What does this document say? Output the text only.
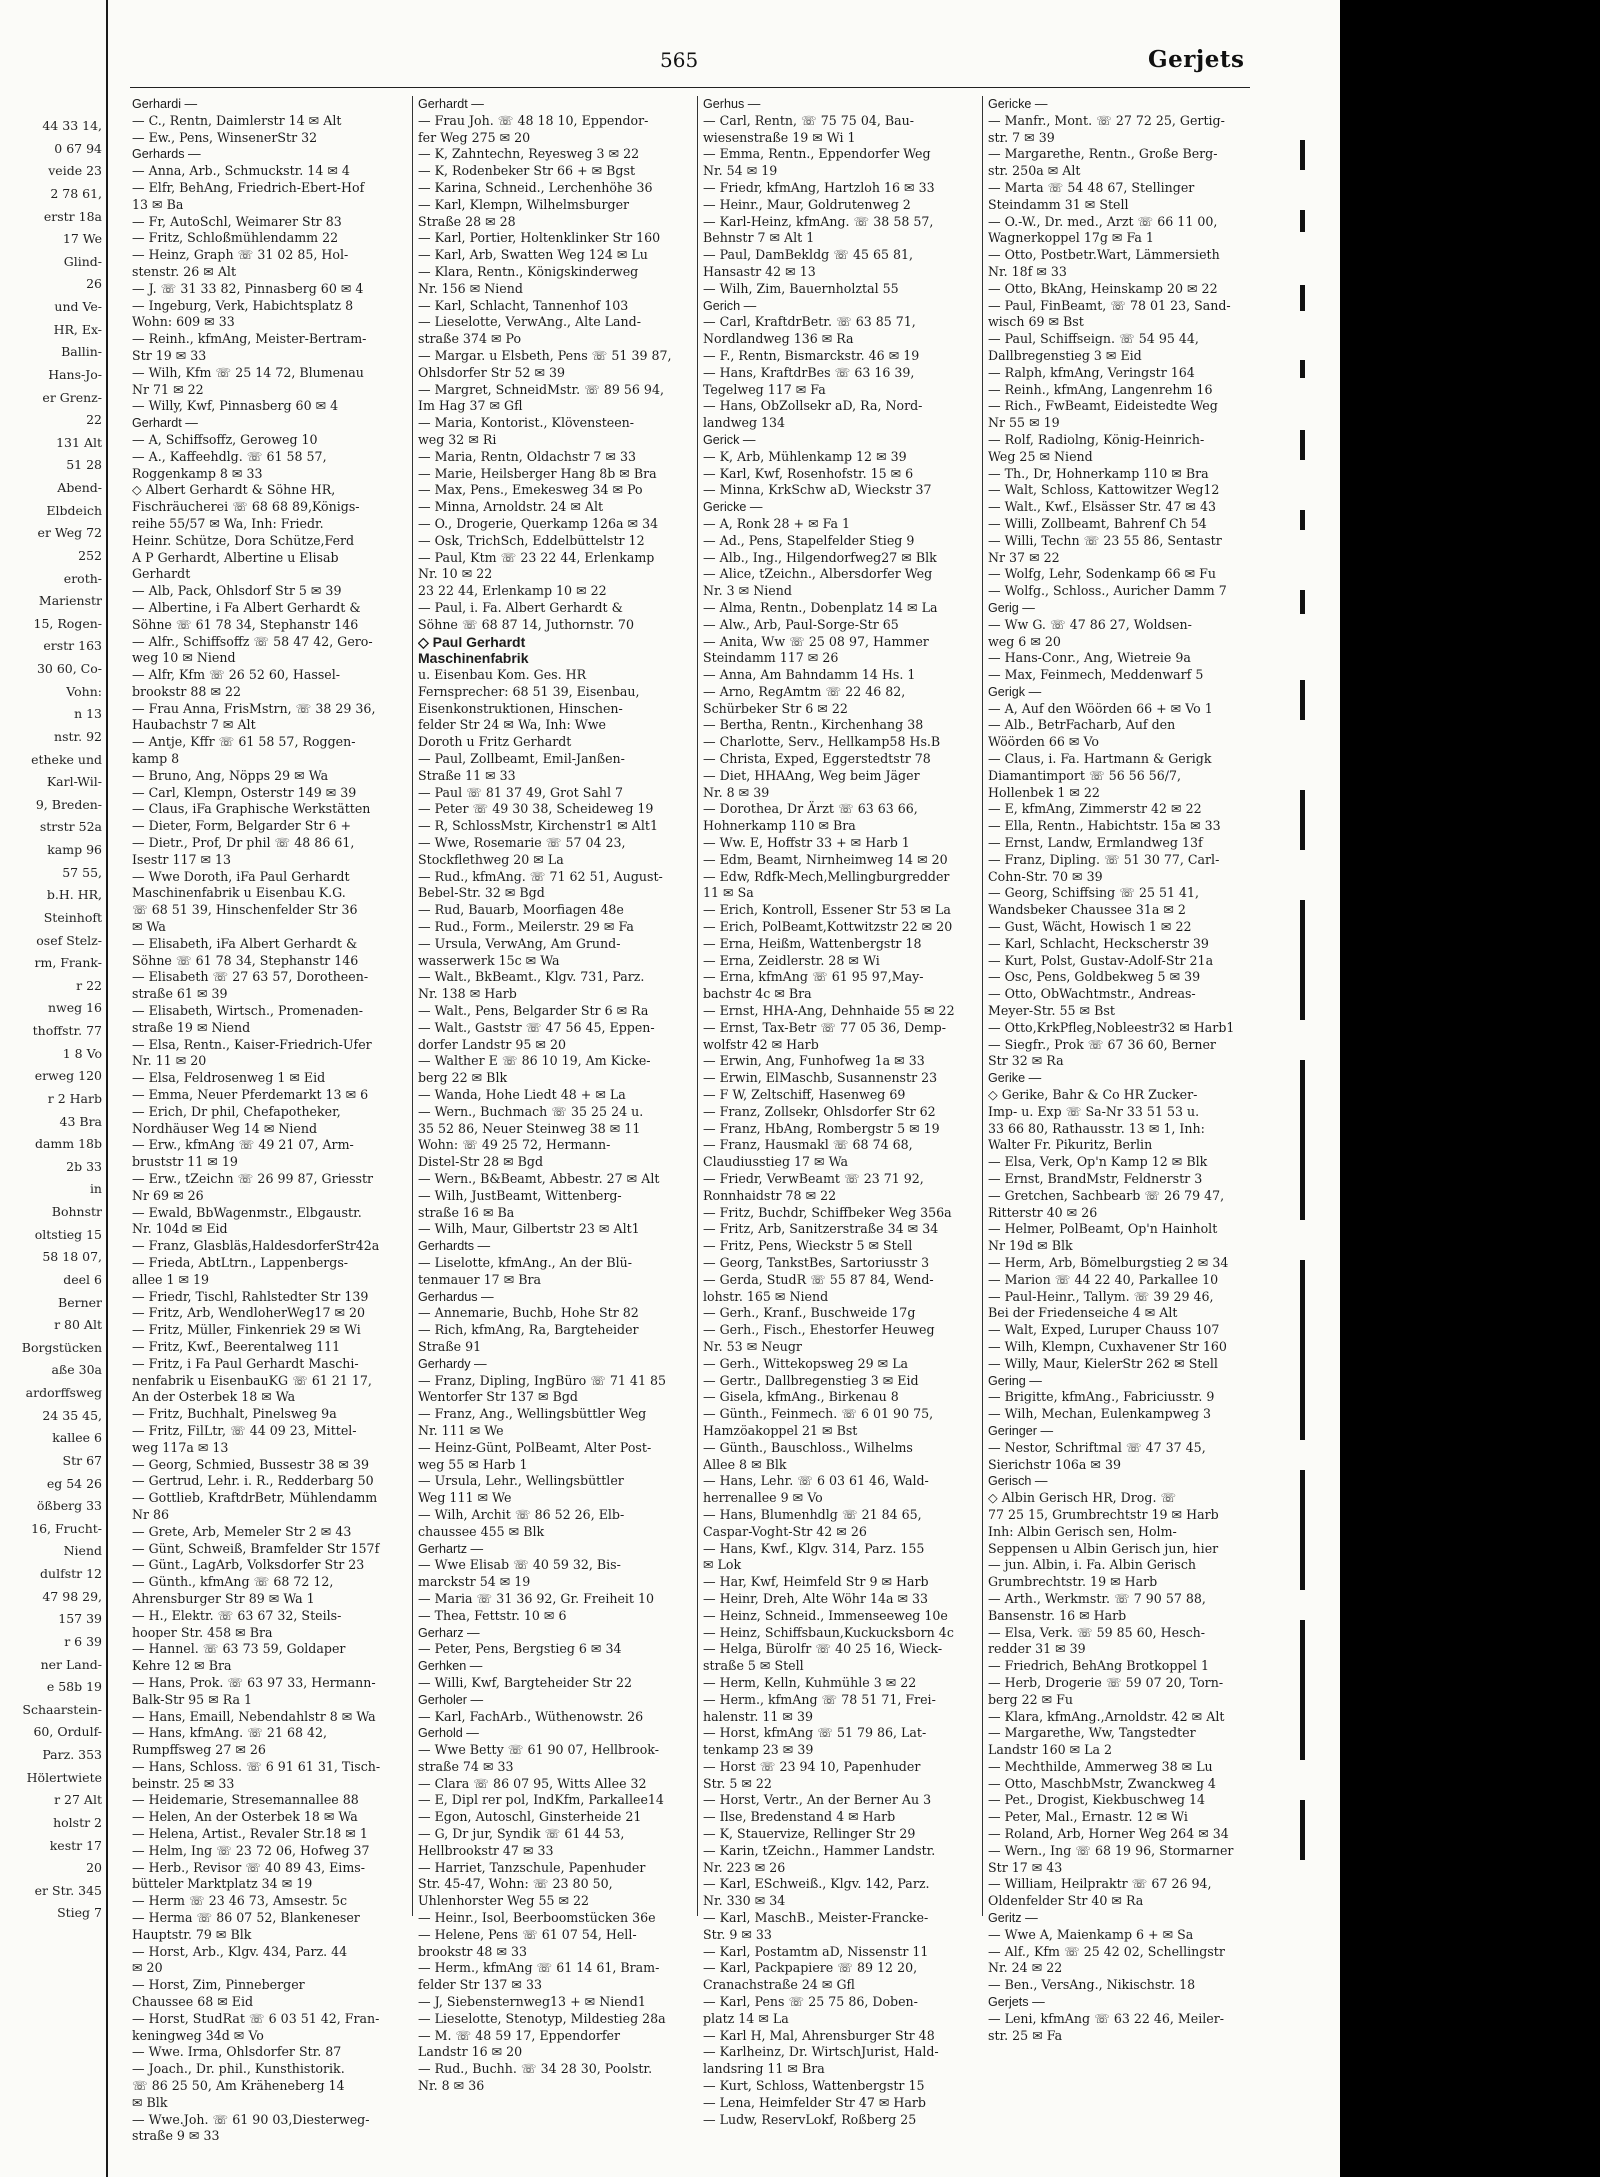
44 33 14,
0 67 94
veide 23
2 78 61,
erstr 18a
17 We
Glind-
26
und Ve-
HR, Ex-
Ballin-
Hans-Jo-
er Grenz-
22
131 Alt
51 28
Abend-
Elbdeich
er Weg 72
252
eroth-
Marienstr
15, Rogen-
erstr 163
30 60, Co-
Vohn:
n 13
nstr. 92
etheke und
Karl-Wil-
9, Breden-
strstr 52a
kamp 96
57 55,
b.H. HR,
Steinhoft
osef Stelz-
rm, Frank-
r 22
nweg 16
thoffstr. 77
1 8 Vo
erweg 120
r 2 Harb
43 Bra
damm 18b
2b 33
in
Bohnstr
oltstieg 15
58 18 07,
deel 6
Berner
r 80 Alt
Borgstücken
aße 30a
ardorffsweg
24 35 45,
kallee 6
Str 67
eg 54 26
ößberg 33
16, Frucht-
Niend
dulfstr 12
47 98 29,
157 39
r 6 39
ner Land-
e 58b 19
Schaarstein-
60, Ordulf-
Parz. 353
Hölertwiete
r 27 Alt
holstr 2
kestr 17
20
er Str. 345
Stieg 7
565	Gerjets
Gerhardi —
— C., Rentn, Daimlerstr 14 ✉ Alt
— Ew., Pens, WinsenerStr 32
Gerhards —
— Anna, Arb., Schmuckstr. 14 ✉ 4
— Elfr, BehAng, Friedrich-Ebert-Hof
13 ✉ Ba
— Fr, AutoSchl, Weimarer Str 83
— Fritz, Schloßmühlendamm 22
— Heinz, Graph ☏ 31 02 85, Hol-
stenstr. 26 ✉ Alt
— J. ☏ 31 33 82, Pinnasberg 60 ✉ 4
— Ingeburg, Verk, Habichtsplatz 8
Wohn: 609 ✉ 33
— Reinh., kfmAng, Meister-Bertram-
Str 19 ✉ 33
— Wilh, Kfm ☏ 25 14 72, Blumenau
Nr 71 ✉ 22
— Willy, Kwf, Pinnasberg 60 ✉ 4
Gerhardt —
— A, Schiffsoffz, Geroweg 10
— A., Kaffeehdlg. ☏ 61 58 57,
Roggenkamp 8 ✉ 33
◇ Albert Gerhardt & Söhne HR,
Fischräucherei ☏ 68 68 89,Königs-
reihe 55/57 ✉ Wa, Inh: Friedr.
Heinr. Schütze, Dora Schütze,Ferd
A P Gerhardt, Albertine u Elisab
Gerhardt
— Alb, Pack, Ohlsdorf Str 5 ✉ 39
— Albertine, i Fa Albert Gerhardt &
Söhne ☏ 61 78 34, Stephanstr 146
— Alfr., Schiffsoffz ☏ 58 47 42, Gero-
weg 10 ✉ Niend
— Alfr, Kfm ☏ 26 52 60, Hassel-
brookstr 88 ✉ 22
— Frau Anna, FrisMstrn, ☏ 38 29 36,
Haubachstr 7 ✉ Alt
— Antje, Kffr ☏ 61 58 57, Roggen-
kamp 8
— Bruno, Ang, Nöpps 29 ✉ Wa
— Carl, Klempn, Osterstr 149 ✉ 39
— Claus, iFa Graphische Werkstätten
— Dieter, Form, Belgarder Str 6 +
— Dietr., Prof, Dr phil ☏ 48 86 61,
Isestr 117 ✉ 13
— Wwe Doroth, iFa Paul Gerhardt
Maschinenfabrik u Eisenbau K.G.
☏ 68 51 39, Hinschenfelder Str 36
✉ Wa
— Elisabeth, iFa Albert Gerhardt &
Söhne ☏ 61 78 34, Stephanstr 146
— Elisabeth ☏ 27 63 57, Dorotheen-
straße 61 ✉ 39
— Elisabeth, Wirtsch., Promenaden-
straße 19 ✉ Niend
— Elsa, Rentn., Kaiser-Friedrich-Ufer
Nr. 11 ✉ 20
— Elsa, Feldrosenweg 1 ✉ Eid
— Emma, Neuer Pferdemarkt 13 ✉ 6
— Erich, Dr phil, Chefapotheker,
Nordhäuser Weg 14 ✉ Niend
— Erw., kfmAng ☏ 49 21 07, Arm-
bruststr 11 ✉ 19
— Erw., tZeichn ☏ 26 99 87, Griesstr
Nr 69 ✉ 26
— Ewald, BbWagenmstr., Elbgaustr.
Nr. 104d ✉ Eid
— Franz, Glasbläs,HaldesdorferStr42a
— Frieda, AbtLtrn., Lappenbergs-
allee 1 ✉ 19
— Friedr, Tischl, Rahlstedter Str 139
— Fritz, Arb, WendloherWeg17 ✉ 20
— Fritz, Müller, Finkenriek 29 ✉ Wi
— Fritz, Kwf., Beerentalweg 111
— Fritz, i Fa Paul Gerhardt Maschi-
nenfabrik u EisenbauKG ☏ 61 21 17,
An der Osterbek 18 ✉ Wa
— Fritz, Buchhalt, Pinelsweg 9a
— Fritz, FilLtr, ☏ 44 09 23, Mittel-
weg 117a ✉ 13
— Georg, Schmied, Bussestr 38 ✉ 39
— Gertrud, Lehr. i. R., Redderbarg 50
— Gottlieb, KraftdrBetr, Mühlendamm
Nr 86
— Grete, Arb, Memeler Str 2 ✉ 43
— Günt, Schweiß, Bramfelder Str 157f
— Günt., LagArb, Volksdorfer Str 23
— Günth., kfmAng ☏ 68 72 12,
Ahrensburger Str 89 ✉ Wa 1
— H., Elektr. ☏ 63 67 32, Steils-
hooper Str. 458 ✉ Bra
— Hannel. ☏ 63 73 59, Goldaper
Kehre 12 ✉ Bra
— Hans, Prok. ☏ 63 97 33, Hermann-
Balk-Str 95 ✉ Ra 1
— Hans, Emaill, Nebendahlstr 8 ✉ Wa
— Hans, kfmAng. ☏ 21 68 42,
Rumpffsweg 27 ✉ 26
— Hans, Schloss. ☏ 6 91 61 31, Tisch-
beinstr. 25 ✉ 33
— Heidemarie, Stresemannallee 88
— Helen, An der Osterbek 18 ✉ Wa
— Helena, Artist., Revaler Str.18 ✉ 1
— Helm, Ing ☏ 23 72 06, Hofweg 37
— Herb., Revisor ☏ 40 89 43, Eims-
bütteler Marktplatz 34 ✉ 19
— Herm ☏ 23 46 73, Amsestr. 5c
— Herma ☏ 86 07 52, Blankeneser
Hauptstr. 79 ✉ Blk
— Horst, Arb., Klgv. 434, Parz. 44
✉ 20
— Horst, Zim, Pinneberger
Chaussee 68 ✉ Eid
— Horst, StudRat ☏ 6 03 51 42, Fran-
keningweg 34d ✉ Vo
— Wwe. Irma, Ohlsdorfer Str. 87
— Joach., Dr. phil., Kunsthistorik.
☏ 86 25 50, Am Kräheneberg 14
✉ Blk
— Wwe.Joh. ☏ 61 90 03,Diesterweg-
straße 9 ✉ 33
Gerhardt —
— Frau Joh. ☏ 48 18 10, Eppendor-
fer Weg 275 ✉ 20
— K, Zahntechn, Reyesweg 3 ✉ 22
— K, Rodenbeker Str 66 + ✉ Bgst
— Karina, Schneid., Lerchenhöhe 36
— Karl, Klempn, Wilhelmsburger
Straße 28 ✉ 28
— Karl, Portier, Holtenklinker Str 160
— Karl, Arb, Swatten Weg 124 ✉ Lu
— Klara, Rentn., Königskinderweg
Nr. 156 ✉ Niend
— Karl, Schlacht, Tannenhof 103
— Lieselotte, VerwAng., Alte Land-
straße 374 ✉ Po
— Margar. u Elsbeth, Pens ☏ 51 39 87,
Ohlsdorfer Str 52 ✉ 39
— Margret, SchneidMstr. ☏ 89 56 94,
Im Hag 37 ✉ Gfl
— Maria, Kontorist., Klövensteen-
weg 32 ✉ Ri
— Maria, Rentn, Oldachstr 7 ✉ 33
— Marie, Heilsberger Hang 8b ✉ Bra
— Max, Pens., Emekesweg 34 ✉ Po
— Minna, Arnoldstr. 24 ✉ Alt
— O., Drogerie, Querkamp 126a ✉ 34
— Osk, TrichSch, Eddelbüttelstr 12
— Paul, Ktm ☏ 23 22 44, Erlenkamp
Nr. 10 ✉ 22
23 22 44, Erlenkamp 10 ✉ 22
— Paul, i. Fa. Albert Gerhardt &
Söhne ☏ 68 87 14, Juthornstr. 70
◇ Paul Gerhardt
Maschinenfabrik
u. Eisenbau Kom. Ges. HR
Fernsprecher: 68 51 39, Eisenbau,
Eisenkonstruktionen, Hinschen-
felder Str 24 ✉ Wa, Inh: Wwe
Doroth u Fritz Gerhardt
— Paul, Zollbeamt, Emil-Janßen-
Straße 11 ✉ 33
— Paul ☏ 81 37 49, Grot Sahl 7
— Peter ☏ 49 30 38, Scheideweg 19
— R, SchlossMstr, Kirchenstr1 ✉ Alt1
— Wwe, Rosemarie ☏ 57 04 23,
Stockflethweg 20 ✉ La
— Rud., kfmAng. ☏ 71 62 51, August-
Bebel-Str. 32 ✉ Bgd
— Rud, Bauarb, Moorfiagen 48e
— Rud., Form., Meilerstr. 29 ✉ Fa
— Ursula, VerwAng, Am Grund-
wasserwerk 15c ✉ Wa
— Walt., BkBeamt., Klgv. 731, Parz.
Nr. 138 ✉ Harb
— Walt., Pens, Belgarder Str 6 ✉ Ra
— Walt., Gaststr ☏ 47 56 45, Eppen-
dorfer Landstr 95 ✉ 20
— Walther E ☏ 86 10 19, Am Kicke-
berg 22 ✉ Blk
— Wanda, Hohe Liedt 48 + ✉ La
— Wern., Buchmach ☏ 35 25 24 u.
35 52 86, Neuer Steinweg 38 ✉ 11
Wohn: ☏ 49 25 72, Hermann-
Distel-Str 28 ✉ Bgd
— Wern., B&Beamt, Abbestr. 27 ✉ Alt
— Wilh, JustBeamt, Wittenberg-
straße 16 ✉ Ba
— Wilh, Maur, Gilbertstr 23 ✉ Alt1
Gerhardts —
— Liselotte, kfmAng., An der Blü-
tenmauer 17 ✉ Bra
Gerhardus —
— Annemarie, Buchb, Hohe Str 82
— Rich, kfmAng, Ra, Bargteheider
Straße 91
Gerhardy —
— Franz, Dipling, IngBüro ☏ 71 41 85
Wentorfer Str 137 ✉ Bgd
— Franz, Ang., Wellingsbüttler Weg
Nr. 111 ✉ We
— Heinz-Günt, PolBeamt, Alter Post-
weg 55 ✉ Harb 1
— Ursula, Lehr., Wellingsbüttler
Weg 111 ✉ We
— Wilh, Archit ☏ 86 52 26, Elb-
chaussee 455 ✉ Blk
Gerhartz —
— Wwe Elisab ☏ 40 59 32, Bis-
marckstr 54 ✉ 19
— Maria ☏ 31 36 92, Gr. Freiheit 10
— Thea, Fettstr. 10 ✉ 6
Gerharz —
— Peter, Pens, Bergstieg 6 ✉ 34
Gerhken —
— Willi, Kwf, Bargteheider Str 22
Gerholer —
— Karl, FachArb., Wüthenowstr. 26
Gerhold —
— Wwe Betty ☏ 61 90 07, Hellbrook-
straße 74 ✉ 33
— Clara ☏ 86 07 95, Witts Allee 32
— E, Dipl rer pol, IndKfm, Parkallee14
— Egon, Autoschl, Ginsterheide 21
— G, Dr jur, Syndik ☏ 61 44 53,
Hellbrookstr 47 ✉ 33
— Harriet, Tanzschule, Papenhuder
Str. 45-47, Wohn: ☏ 23 80 50,
Uhlenhorster Weg 55 ✉ 22
— Heinr., Isol, Beerboomstücken 36e
— Helene, Pens ☏ 61 07 54, Hell-
brookstr 48 ✉ 33
— Herm., kfmAng ☏ 61 14 61, Bram-
felder Str 137 ✉ 33
— J, Siebensternweg13 + ✉ Niend1
— Lieselotte, Stenotyp, Mildestieg 28a
— M. ☏ 48 59 17, Eppendorfer
Landstr 16 ✉ 20
— Rud., Buchh. ☏ 34 28 30, Poolstr.
Nr. 8 ✉ 36
Gerhus —
— Carl, Rentn, ☏ 75 75 04, Bau-
wiesenstraße 19 ✉ Wi 1
— Emma, Rentn., Eppendorfer Weg
Nr. 54 ✉ 19
— Friedr, kfmAng, Hartzloh 16 ✉ 33
— Heinr., Maur, Goldrutenweg 2
— Karl-Heinz, kfmAng. ☏ 38 58 57,
Behnstr 7 ✉ Alt 1
— Paul, DamBekldg ☏ 45 65 81,
Hansastr 42 ✉ 13
— Wilh, Zim, Bauernholztal 55
Gerich —
— Carl, KraftdrBetr. ☏ 63 85 71,
Nordlandweg 136 ✉ Ra
— F., Rentn, Bismarckstr. 46 ✉ 19
— Hans, KraftdrBes ☏ 63 16 39,
Tegelweg 117 ✉ Fa
— Hans, ObZollsekr aD, Ra, Nord-
landweg 134
Gerick —
— K, Arb, Mühlenkamp 12 ✉ 39
— Karl, Kwf, Rosenhofstr. 15 ✉ 6
— Minna, KrkSchw aD, Wieckstr 37
Gericke —
— A, Ronk 28 + ✉ Fa 1
— Ad., Pens, Stapelfelder Stieg 9
— Alb., Ing., Hilgendorfweg27 ✉ Blk
— Alice, tZeichn., Albersdorfer Weg
Nr. 3 ✉ Niend
— Alma, Rentn., Dobenplatz 14 ✉ La
— Alw., Arb, Paul-Sorge-Str 65
— Anita, Ww ☏ 25 08 97, Hammer
Steindamm 117 ✉ 26
— Anna, Am Bahndamm 14 Hs. 1
— Arno, RegAmtm ☏ 22 46 82,
Schürbeker Str 6 ✉ 22
— Bertha, Rentn., Kirchenhang 38
— Charlotte, Serv., Hellkamp58 Hs.B
— Christa, Exped, Eggerstedtstr 78
— Diet, HHAAng, Weg beim Jäger
Nr. 8 ✉ 39
— Dorothea, Dr Ärzt ☏ 63 63 66,
Hohnerkamp 110 ✉ Bra
— Ww. E, Hoffstr 33 + ✉ Harb 1
— Edm, Beamt, Nirnheimweg 14 ✉ 20
— Edw, Rdfk-Mech,Mellingburgredder
11 ✉ Sa
— Erich, Kontroll, Essener Str 53 ✉ La
— Erich, PolBeamt,Kottwitzstr 22 ✉ 20
— Erna, Heißm, Wattenbergstr 18
— Erna, Zeidlerstr. 28 ✉ Wi
— Erna, kfmAng ☏ 61 95 97,May-
bachstr 4c ✉ Bra
— Ernst, HHA-Ang, Dehnhaide 55 ✉ 22
— Ernst, Tax-Betr ☏ 77 05 36, Demp-
wolfstr 42 ✉ Harb
— Erwin, Ang, Funhofweg 1a ✉ 33
— Erwin, ElMaschb, Susannenstr 23
— F W, Zeltschiff, Hasenweg 69
— Franz, Zollsekr, Ohlsdorfer Str 62
— Franz, HbAng, Rombergstr 5 ✉ 19
— Franz, Hausmakl ☏ 68 74 68,
Claudiusstieg 17 ✉ Wa
— Friedr, VerwBeamt ☏ 23 71 92,
Ronnhaidstr 78 ✉ 22
— Fritz, Buchdr, Schiffbeker Weg 356a
— Fritz, Arb, Sanitzerstraße 34 ✉ 34
— Fritz, Pens, Wieckstr 5 ✉ Stell
— Georg, TankstBes, Sartoriusstr 3
— Gerda, StudR ☏ 55 87 84, Wend-
lohstr. 165 ✉ Niend
— Gerh., Kranf., Buschweide 17g
— Gerh., Fisch., Ehestorfer Heuweg
Nr. 53 ✉ Neugr
— Gerh., Wittekopsweg 29 ✉ La
— Gertr., Dallbregenstieg 3 ✉ Eid
— Gisela, kfmAng., Birkenau 8
— Günth., Feinmech. ☏ 6 01 90 75,
Hamzöakoppel 21 ✉ Bst
— Günth., Bauschloss., Wilhelms
Allee 8 ✉ Blk
— Hans, Lehr. ☏ 6 03 61 46, Wald-
herrenallee 9 ✉ Vo
— Hans, Blumenhdlg ☏ 21 84 65,
Caspar-Voght-Str 42 ✉ 26
— Hans, Kwf., Klgv. 314, Parz. 155
✉ Lok
— Har, Kwf, Heimfeld Str 9 ✉ Harb
— Heinr, Dreh, Alte Wöhr 14a ✉ 33
— Heinz, Schneid., Immenseeweg 10e
— Heinz, Schiffsbaun,Kuckucksborn 4c
— Helga, Bürolfr ☏ 40 25 16, Wieck-
straße 5 ✉ Stell
— Herm, Kelln, Kuhmühle 3 ✉ 22
— Herm., kfmAng ☏ 78 51 71, Frei-
halenstr. 11 ✉ 39
— Horst, kfmAng ☏ 51 79 86, Lat-
tenkamp 23 ✉ 39
— Horst ☏ 23 94 10, Papenhuder
Str. 5 ✉ 22
— Horst, Vertr., An der Berner Au 3
— Ilse, Bredenstand 4 ✉ Harb
— K, Stauervize, Rellinger Str 29
— Karin, tZeichn., Hammer Landstr.
Nr. 223 ✉ 26
— Karl, ESchweiß., Klgv. 142, Parz.
Nr. 330 ✉ 34
— Karl, MaschB., Meister-Francke-
Str. 9 ✉ 33
— Karl, Postamtm aD, Nissenstr 11
— Karl, Packpapiere ☏ 89 12 20,
Cranachstraße 24 ✉ Gfl
— Karl, Pens ☏ 25 75 86, Doben-
platz 14 ✉ La
— Karl H, Mal, Ahrensburger Str 48
— Karlheinz, Dr. WirtschJurist, Hald-
landsring 11 ✉ Bra
— Kurt, Schloss, Wattenbergstr 15
— Lena, Heimfelder Str 47 ✉ Harb
— Ludw, ReservLokf, Roßberg 25
Gericke —
— Manfr., Mont. ☏ 27 72 25, Gertig-
str. 7 ✉ 39
— Margarethe, Rentn., Große Berg-
str. 250a ✉ Alt
— Marta ☏ 54 48 67, Stellinger
Steindamm 31 ✉ Stell
— O.-W., Dr. med., Arzt ☏ 66 11 00,
Wagnerkoppel 17g ✉ Fa 1
— Otto, Postbetr.Wart, Lämmersieth
Nr. 18f ✉ 33
— Otto, BkAng, Heinskamp 20 ✉ 22
— Paul, FinBeamt, ☏ 78 01 23, Sand-
wisch 69 ✉ Bst
— Paul, Schiffseign. ☏ 54 95 44,
Dallbregenstieg 3 ✉ Eid
— Ralph, kfmAng, Veringstr 164
— Reinh., kfmAng, Langenrehm 16
— Rich., FwBeamt, Eideistedte Weg
Nr 55 ✉ 19
— Rolf, Radiolng, König-Heinrich-
Weg 25 ✉ Niend
— Th., Dr, Hohnerkamp 110 ✉ Bra
— Walt, Schloss, Kattowitzer Weg12
— Walt., Kwf., Elsässer Str. 47 ✉ 43
— Willi, Zollbeamt, Bahrenf Ch 54
— Willi, Techn ☏ 23 55 86, Sentastr
Nr 37 ✉ 22
— Wolfg, Lehr, Sodenkamp 66 ✉ Fu
— Wolfg., Schloss., Auricher Damm 7
Gerig —
— Ww G. ☏ 47 86 27, Woldsen-
weg 6 ✉ 20
— Hans-Conr., Ang, Wietreie 9a
— Max, Feinmech, Meddenwarf 5
Gerigk —
— A, Auf den Wöörden 66 + ✉ Vo 1
— Alb., BetrFacharb, Auf den
Wöörden 66 ✉ Vo
— Claus, i. Fa. Hartmann & Gerigk
Diamantimport ☏ 56 56 56/7,
Hollenbek 1 ✉ 22
— E, kfmAng, Zimmerstr 42 ✉ 22
— Ella, Rentn., Habichtstr. 15a ✉ 33
— Ernst, Landw, Ermlandweg 13f
— Franz, Dipling. ☏ 51 30 77, Carl-
Cohn-Str. 70 ✉ 39
— Georg, Schiffsing ☏ 25 51 41,
Wandsbeker Chaussee 31a ✉ 2
— Gust, Wächt, Howisch 1 ✉ 22
— Karl, Schlacht, Heckscherstr 39
— Kurt, Polst, Gustav-Adolf-Str 21a
— Osc, Pens, Goldbekweg 5 ✉ 39
— Otto, ObWachtmstr., Andreas-
Meyer-Str. 55 ✉ Bst
— Otto,KrkPfleg,Nobleestr32 ✉ Harb1
— Siegfr., Prok ☏ 67 36 60, Berner
Str 32 ✉ Ra
Gerike —
◇ Gerike, Bahr & Co HR Zucker-
Imp- u. Exp ☏ Sa-Nr 33 51 53 u.
33 66 80, Rathausstr. 13 ✉ 1, Inh:
Walter Fr. Pikuritz, Berlin
— Elsa, Verk, Op'n Kamp 12 ✉ Blk
— Ernst, BrandMstr, Feldnerstr 3
— Gretchen, Sachbearb ☏ 26 79 47,
Ritterstr 40 ✉ 26
— Helmer, PolBeamt, Op'n Hainholt
Nr 19d ✉ Blk
— Herm, Arb, Bömelburgstieg 2 ✉ 34
— Marion ☏ 44 22 40, Parkallee 10
— Paul-Heinr., Tallym. ☏ 39 29 46,
Bei der Friedenseiche 4 ✉ Alt
— Walt, Exped, Luruper Chauss 107
— Wilh, Klempn, Cuxhavener Str 160
— Willy, Maur, KielerStr 262 ✉ Stell
Gering —
— Brigitte, kfmAng., Fabriciusstr. 9
— Wilh, Mechan, Eulenkampweg 3
Geringer —
— Nestor, Schriftmal ☏ 47 37 45,
Sierichstr 106a ✉ 39
Gerisch —
◇ Albin Gerisch HR, Drog. ☏
77 25 15, Grumbrechtstr 19 ✉ Harb
Inh: Albin Gerisch sen, Holm-
Seppensen u Albin Gerisch jun, hier
— jun. Albin, i. Fa. Albin Gerisch
Grumbrechtstr. 19 ✉ Harb
— Arth., Werkmstr. ☏ 7 90 57 88,
Bansenstr. 16 ✉ Harb
— Elsa, Verk. ☏ 59 85 60, Hesch-
redder 31 ✉ 39
— Friedrich, BehAng Brotkoppel 1
— Herb, Drogerie ☏ 59 07 20, Torn-
berg 22 ✉ Fu
— Klara, kfmAng.,Arnoldstr. 42 ✉ Alt
— Margarethe, Ww, Tangstedter
Landstr 160 ✉ La 2
— Mechthilde, Ammerweg 38 ✉ Lu
— Otto, MaschbMstr, Zwanckweg 4
— Pet., Drogist, Kiekbuschweg 14
— Peter, Mal., Ernastr. 12 ✉ Wi
— Roland, Arb, Horner Weg 264 ✉ 34
— Wern., Ing ☏ 68 19 96, Stormarner
Str 17 ✉ 43
— William, Heilpraktr ☏ 67 26 94,
Oldenfelder Str 40 ✉ Ra
Geritz —
— Wwe A, Maienkamp 6 + ✉ Sa
— Alf., Kfm ☏ 25 42 02, Schellingstr
Nr. 24 ✉ 22
— Ben., VersAng., Nikischstr. 18
Gerjets —
— Leni, kfmAng ☏ 63 22 46, Meiler-
str. 25 ✉ Fa
